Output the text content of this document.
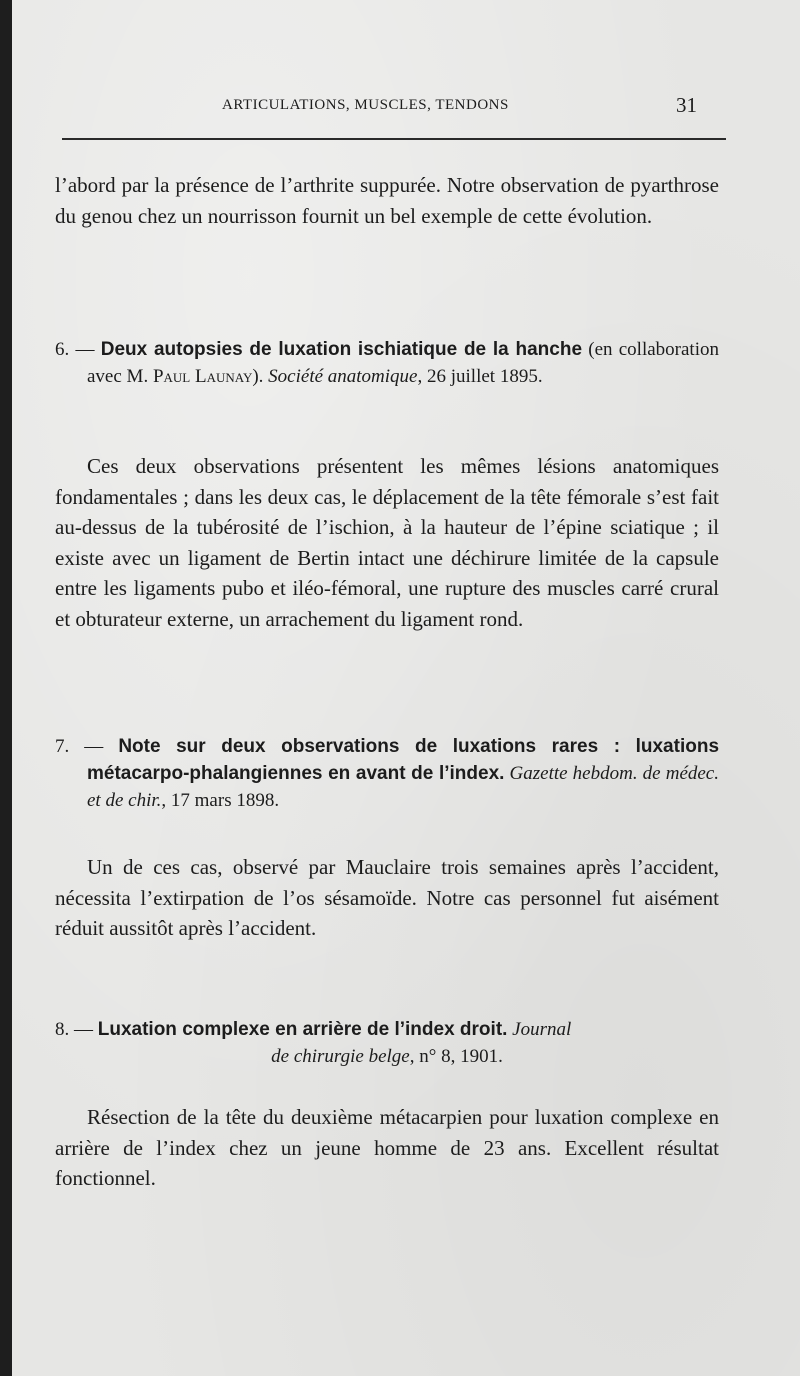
ARTICULATIONS, MUSCLES, TENDONS	31

l’abord par la présence de l’arthrite suppurée. Notre observation de pyarthrose du genou chez un nourrisson fournit un bel exemple de cette évolution.

6. — Deux autopsies de luxation ischiatique de la hanche (en collaboration avec M. Paul Launay). Société anatomique, 26 juillet 1895.

Ces deux observations présentent les mêmes lésions anatomiques fondamentales ; dans les deux cas, le déplacement de la tête fémorale s’est fait au-dessus de la tubérosité de l’ischion, à la hauteur de l’épine sciatique ; il existe avec un ligament de Bertin intact une déchirure limitée de la capsule entre les ligaments pubo et iléo-fémoral, une rupture des muscles carré crural et obturateur externe, un arrachement du ligament rond.

7. — Note sur deux observations de luxations rares : luxations métacarpo-phalangiennes en avant de l’index. Gazette hebdom. de médec. et de chir., 17 mars 1898.

Un de ces cas, observé par Mauclaire trois semaines après l’accident, nécessita l’extirpation de l’os sésamoïde. Notre cas personnel fut aisément réduit aussitôt après l’accident.

8. — Luxation complexe en arrière de l’index droit. Journal

de chirurgie belge, n° 8, 1901.

Résection de la tête du deuxième métacarpien pour luxation complexe en arrière de l’index chez un jeune homme de 23 ans. Excellent résultat fonctionnel.
